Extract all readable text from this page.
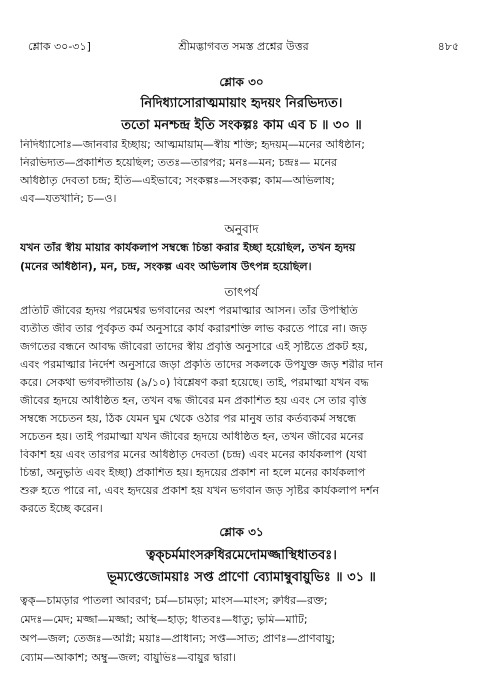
শ্লোক ৩০-৩১]	শ্রীমদ্ভাগবত সমস্ত প্রশ্নের উত্তর	৪৮৫
শ্লোক ৩০
নিদিধ্যাসোরাত্মমায়াং হৃদয়ং নিরভিদ্যত।
ততো মনশ্চন্দ্র ইতি সংকল্পঃ কাম এব চ ॥ ৩০ ॥
নিদিধ্যাসোঃ—জানবার ইচ্ছায়; আত্মমায়াম্—স্বীয় শক্তি; হৃদয়ম্—মনের অধিষ্ঠান;
নিরভিদ্যত—প্রকাশিত হয়েছিল; ততঃ—তারপর; মনঃ—মন; চন্দ্রঃ— মনের
অধিষ্ঠাতৃ দেবতা চন্দ্র; ইতি—এইভাবে; সংকল্পঃ—সংকল্প; কাম—অভিলাষ;
এব—যতখানি; চ—ও।
অনুবাদ
যখন তাঁর স্বীয় মায়ার কার্যকলাপ সম্বন্ধে চিন্তা করার ইচ্ছা হয়েছিল, তখন হৃদয়
(মনের অধিষ্ঠান), মন, চন্দ্র, সংকল্প এবং অভিলাষ উৎপন্ন হয়েছিল।
তাৎপর্য
প্রতিটি জীবের হৃদয় পরমেশ্বর ভগবানের অংশ পরমাত্মার আসন। তাঁর উপস্থিতি
ব্যতীত জীব তার পূর্বকৃত কর্ম অনুসারে কার্য করারশক্তি লাভ করতে পারে না। জড়
জগতের বন্ধনে আবদ্ধ জীবেরা তাদের স্বীয় প্রবৃত্তি অনুসারে এই সৃষ্টিতে প্রকট হয়,
এবং পরমাত্মার নির্দেশ অনুসারে জড়া প্রকৃতি তাদের সকলকে উপযুক্ত জড় শরীর দান
করে। সেকথা ভগবদ্গীতায় (৯/১০) বিশ্লেষণ করা হয়েছে। তাই, পরমাত্মা যখন বদ্ধ
জীবের হৃদয়ে অধিষ্ঠিত হন, তখন বদ্ধ জীবের মন প্রকাশিত হয় এবং সে তার বৃত্তি
সম্বন্ধে সচেতন হয়, ঠিক যেমন ঘুম থেকে ওঠার পর মানুষ তার কর্তব্যকর্ম সম্বন্ধে
সচেতন হয়। তাই পরমাত্মা যখন জীবের হৃদয়ে অধিষ্ঠিত হন, তখন জীবের মনের
বিকাশ হয় এবং তারপর মনের অধিষ্ঠাতৃ দেবতা (চন্দ্র) এবং মনের কার্যকলাপ (যথা
চিন্তা, অনুভূতি এবং ইচ্ছা) প্রকাশিত হয়। হৃদয়ের প্রকাশ না হলে মনের কার্যকলাপ
শুরু হতে পারে না, এবং হৃদয়ের প্রকাশ হয় যখন ভগবান জড় সৃষ্টির কার্যকলাপ দর্শন
করতে ইচ্ছে করেন।
শ্লোক ৩১
ত্বক্চর্মমাংসরুধিরমেদোমজ্জাস্থিধাতবঃ।
ভূম্যপ্তেজোময়াঃ সপ্ত প্রাণো ব্যোমাম্বুবায়ুভিঃ ॥ ৩১ ॥
ত্বক্—চামড়ার পাতলা আবরণ; চর্ম—চামড়া; মাংস—মাংস; রুধির—রক্ত;
মেদঃ—মেদ; মজ্জা—মজ্জা; অস্থি—হাড়; ধাতবঃ—ধাতু; ভূমি—মাটি;
অপ—জল; তেজঃ—অগ্নি; ময়াঃ—প্রাধান্য; সপ্ত—সাত; প্রাণঃ—প্রাণবায়ু;
ব্যোম—আকাশ; অম্বু—জল; বায়ুভিঃ—বায়ুর দ্বারা।
